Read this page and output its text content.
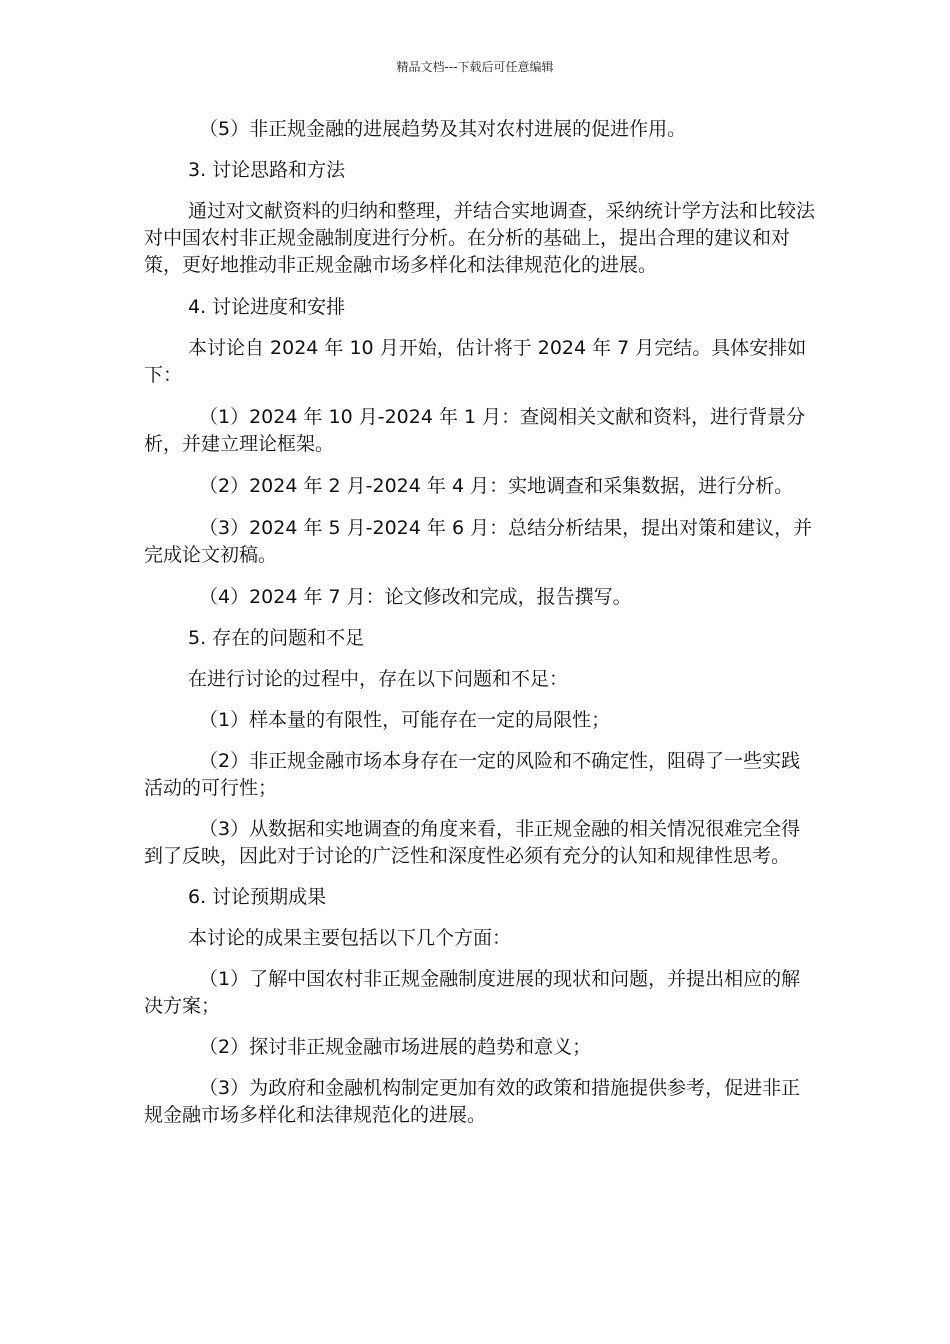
精品文档---下载后可任意编辑

（5）非正规金融的进展趋势及其对农村进展的促进作用。

3. 讨论思路和方法

通过对文献资料的归纳和整理，并结合实地调查，采纳统计学方法和比较法对中国农村非正规金融制度进行分析。在分析的基础上，提出合理的建议和对策，更好地推动非正规金融市场多样化和法律规范化的进展。

4. 讨论进度和安排

本讨论自 2024 年 10 月开始，估计将于 2024 年 7 月完结。具体安排如下：

（1）2024 年 10 月-2024 年 1 月：查阅相关文献和资料，进行背景分析，并建立理论框架。

（2）2024 年 2 月-2024 年 4 月：实地调查和采集数据，进行分析。

（3）2024 年 5 月-2024 年 6 月：总结分析结果，提出对策和建议，并完成论文初稿。

（4）2024 年 7 月：论文修改和完成，报告撰写。

5. 存在的问题和不足

在进行讨论的过程中，存在以下问题和不足：

（1）样本量的有限性，可能存在一定的局限性；

（2）非正规金融市场本身存在一定的风险和不确定性，阻碍了一些实践活动的可行性；

（3）从数据和实地调查的角度来看，非正规金融的相关情况很难完全得到了反映，因此对于讨论的广泛性和深度性必须有充分的认知和规律性思考。

6. 讨论预期成果

本讨论的成果主要包括以下几个方面：

（1）了解中国农村非正规金融制度进展的现状和问题，并提出相应的解决方案；

（2）探讨非正规金融市场进展的趋势和意义；

（3）为政府和金融机构制定更加有效的政策和措施提供参考，促进非正规金融市场多样化和法律规范化的进展。
